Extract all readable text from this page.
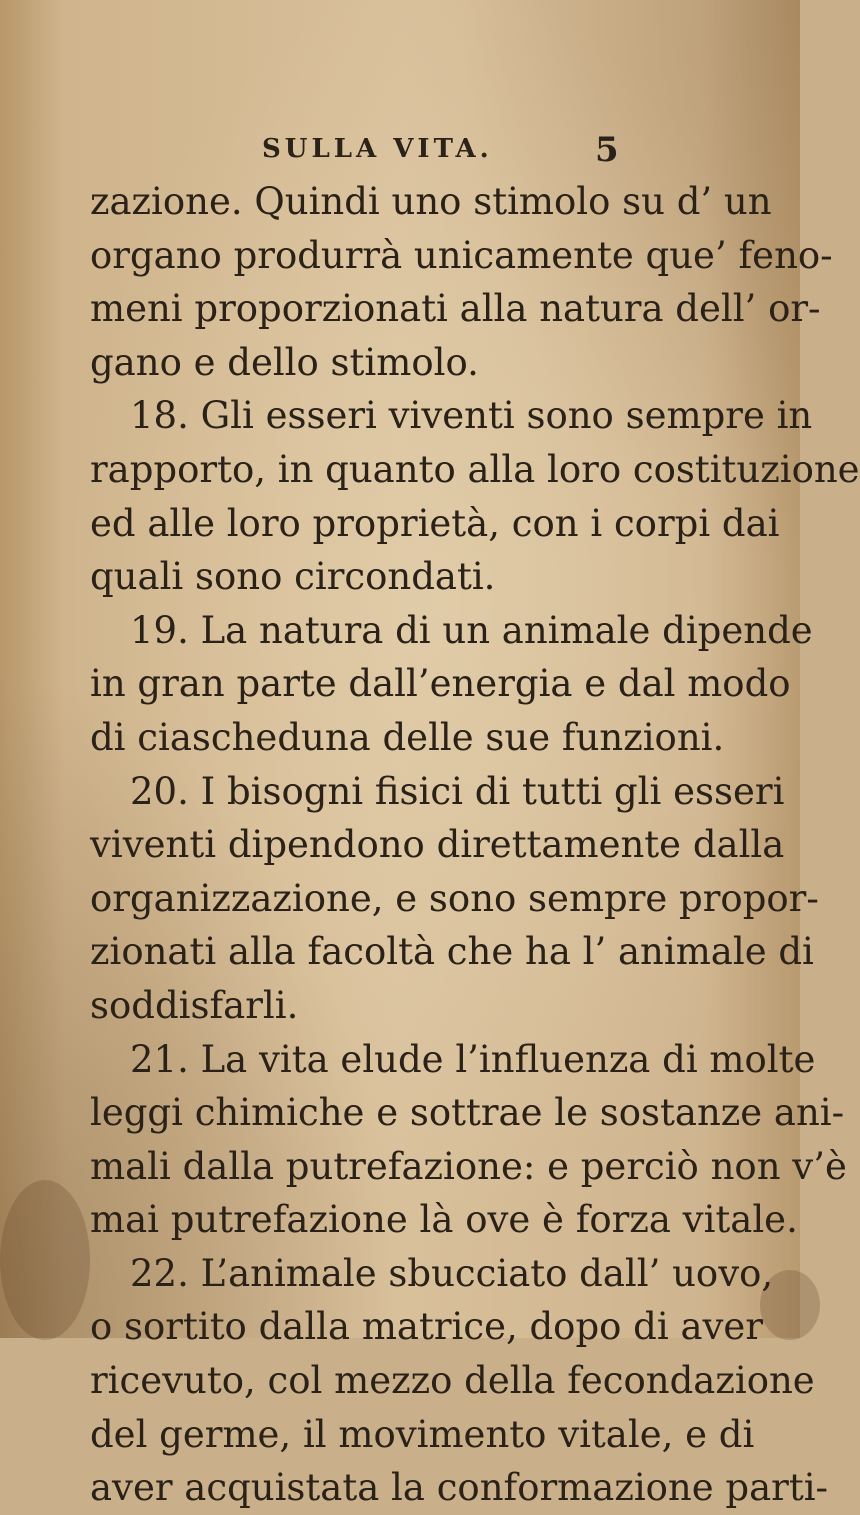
SULLA VITA.	5
zazione. Quindi uno stimolo su d’ un
organo produrrà unicamente que’ feno-
meni proporzionati alla natura dell’ or-
gano e dello stimolo.
18. Gli esseri viventi sono sempre in
rapporto, in quanto alla loro costituzione
ed alle loro proprietà, con i corpi dai
quali sono circondati.
19. La natura di un animale dipende
in gran parte dall’energia e dal modo
di ciascheduna delle sue funzioni.
20. I bisogni fisici di tutti gli esseri
viventi dipendono direttamente dalla
organizzazione, e sono sempre propor-
zionati alla facoltà che ha l’ animale di
soddisfarli.
21. La vita elude l’influenza di molte
leggi chimiche e sottrae le sostanze ani-
mali dalla putrefazione: e perciò non v’è
mai putrefazione là ove è forza vitale.
22. L’animale sbucciato dall’ uovo,
o sortito dalla matrice, dopo di aver
ricevuto, col mezzo della fecondazione
del germe, il movimento vitale, e di
aver acquistata la conformazione parti-
